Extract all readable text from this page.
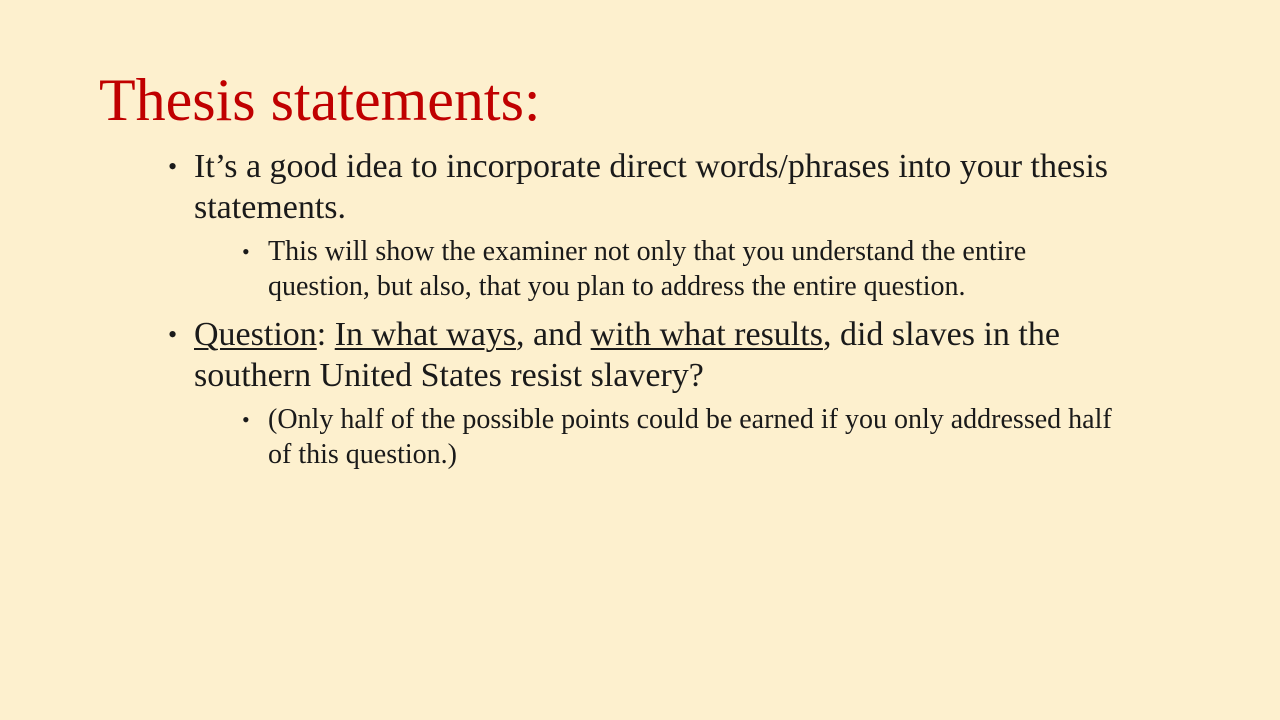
Thesis statements:
• It’s a good idea to incorporate direct words/phrases into your thesis statements.
• This will show the examiner not only that you understand the entire question, but also, that you plan to address the entire question.
• Question: In what ways, and with what results, did slaves in the southern United States resist slavery?
• (Only half of the possible points could be earned if you only addressed half of this question.)
